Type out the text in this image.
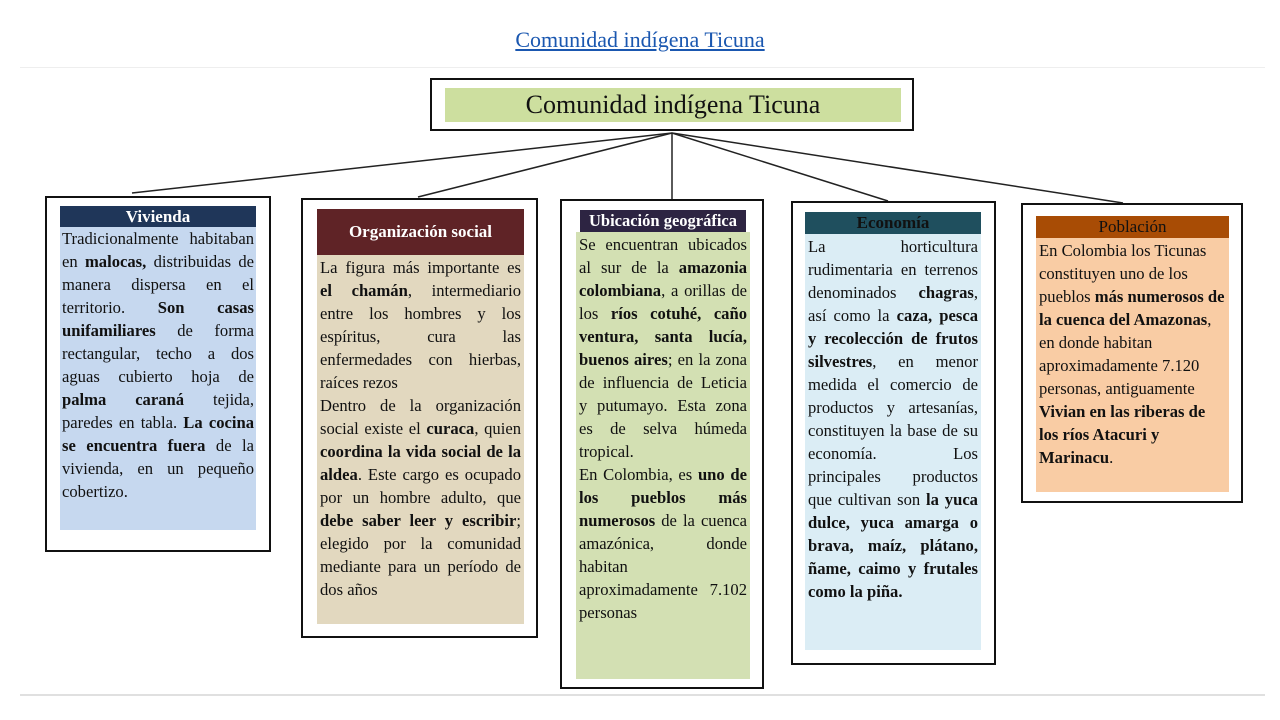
Comunidad indígena Ticuna
Comunidad indígena Ticuna
Vivienda

Tradicionalmente habitaban en malocas, distribuidas de manera dispersa en el territorio. Son casas unifamiliares de forma rectangular, techo a dos aguas cubierto hoja de palma caraná tejida, paredes en tabla. La cocina se encuentra fuera de la vivienda, en un pequeño cobertizo.

Organización social

La figura más importante es el chamán, intermediario entre los hombres y los espíritus, cura las enfermedades con hierbas, raíces rezos

Dentro de la organización social existe el curaca, quien coordina la vida social de la aldea. Este cargo es ocupado por un hombre adulto, que debe saber leer y escribir; elegido por la comunidad mediante para un período de dos años

Ubicación geográfica

Se encuentran ubicados al sur de la amazonia colombiana, a orillas de los ríos cotuhé, caño ventura, santa lucía, buenos aires; en la zona de influencia de Leticia y putumayo. Esta zona es de selva húmeda tropical.

En Colombia, es uno de los pueblos más numerosos de la cuenca amazónica, donde habitan aproximadamente 7.102 personas

Economía

La horticultura rudimentaria en terrenos denominados chagras, así como la caza, pesca y recolección de frutos silvestres, en menor medida el comercio de productos y artesanías, constituyen la base de su economía. Los principales productos que cultivan son la yuca dulce, yuca amarga o brava, maíz, plátano, ñame, caimo y frutales como la piña.

Población

En Colombia los Ticunas constituyen uno de los pueblos más numerosos de la cuenca del Amazonas, en donde habitan aproximadamente 7.120 personas, antiguamente Vivian en las riberas de los ríos Atacuri y Marinacu.
